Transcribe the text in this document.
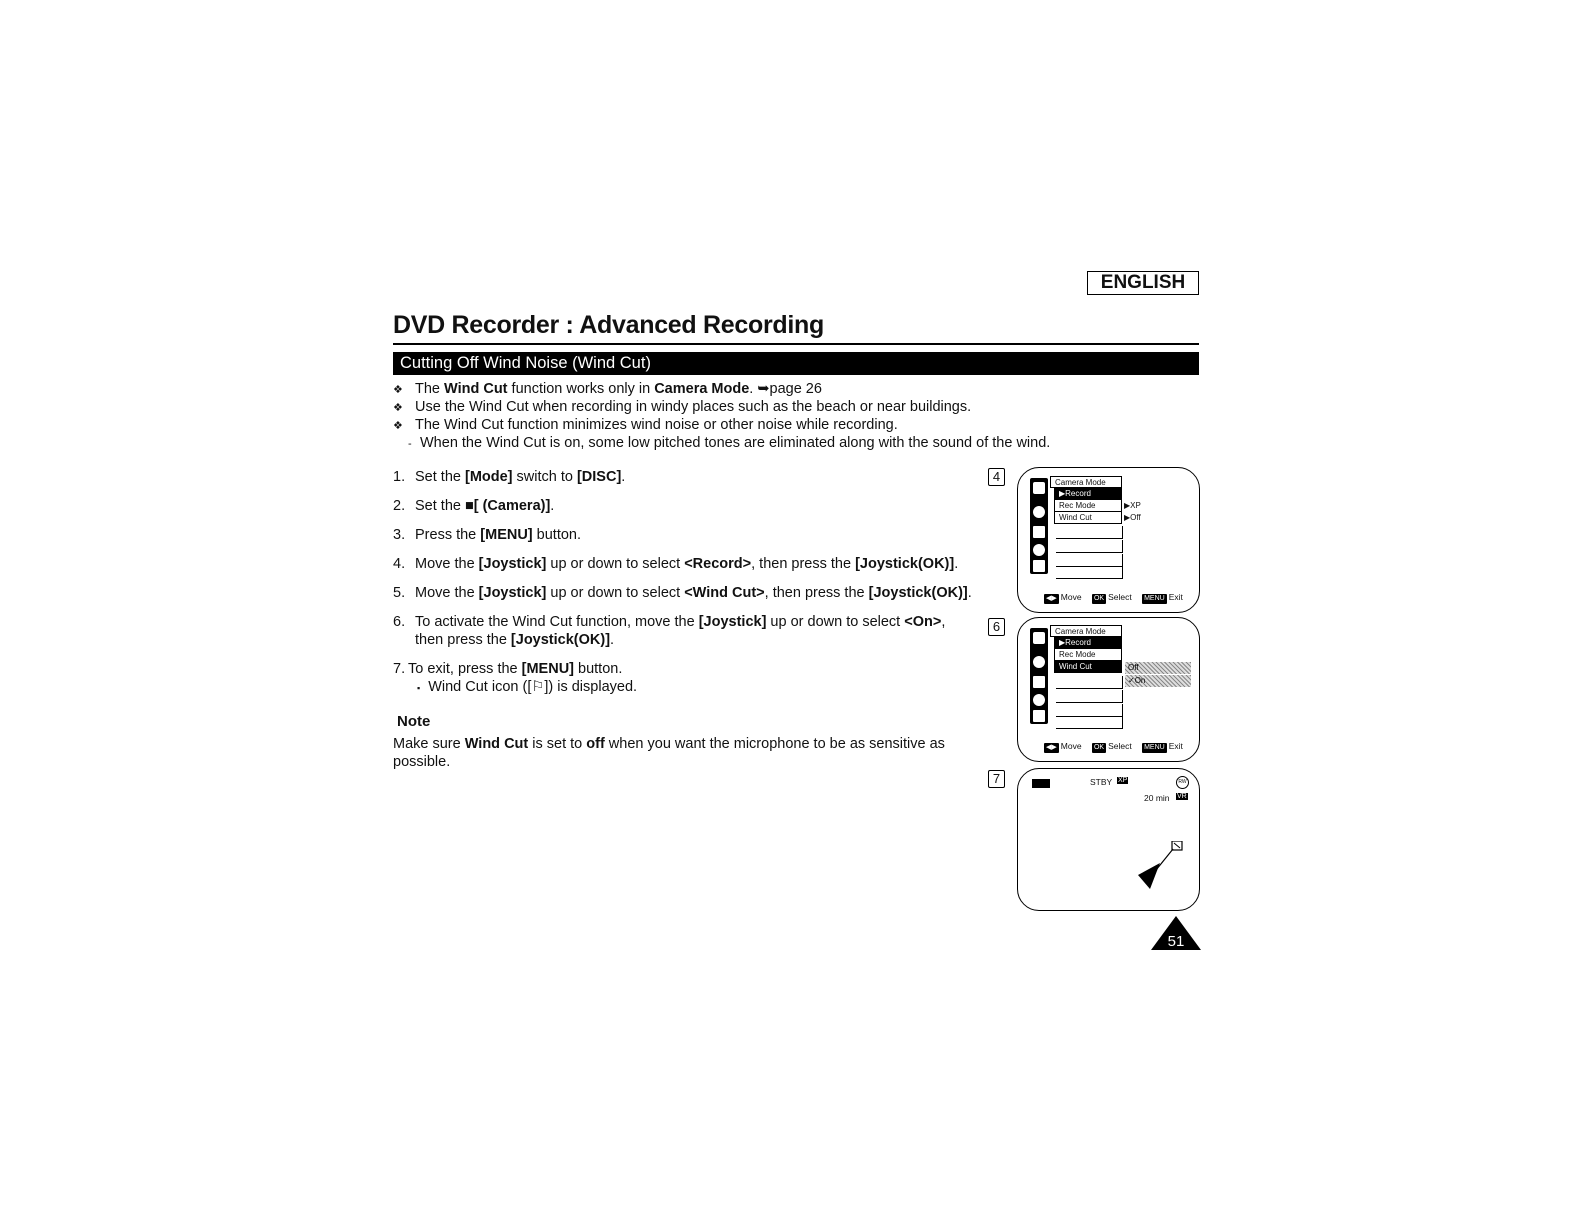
ENGLISH
DVD Recorder : Advanced Recording
Cutting Off Wind Noise (Wind Cut)
❖ The Wind Cut function works only in Camera Mode. ➥page 26
❖ Use the Wind Cut when recording in windy places such as the beach or near buildings.
❖ The Wind Cut function minimizes wind noise or other noise while recording.
- When the Wind Cut is on, some low pitched tones are eliminated along with the sound of the wind.
1. Set the [Mode] switch to [DISC].
2. Set the ■[ (Camera)].
3. Press the [MENU] button.
4. Move the [Joystick] up or down to select <Record>, then press the [Joystick(OK)].
5. Move the [Joystick] up or down to select <Wind Cut>, then press the [Joystick(OK)].
6. To activate the Wind Cut function, move the [Joystick] up or down to select <On>,
then press the [Joystick(OK)].
7. To exit, press the [MENU] button.
▪ Wind Cut icon ([⚐]) is displayed.
Note
Make sure Wind Cut is set to off when you want the microphone to be as sensitive as
possible.
4	Camera Mode
▶Record
Rec Mode
Wind Cut
▶XP
▶Off
◀▶ Move OK Select MENU Exit
6	Camera Mode
▶Record
Rec Mode
Wind Cut	Off
✓On
◀▶ Move OK Select MENU Exit
7	STBY XP	RW
20 min VR
51
